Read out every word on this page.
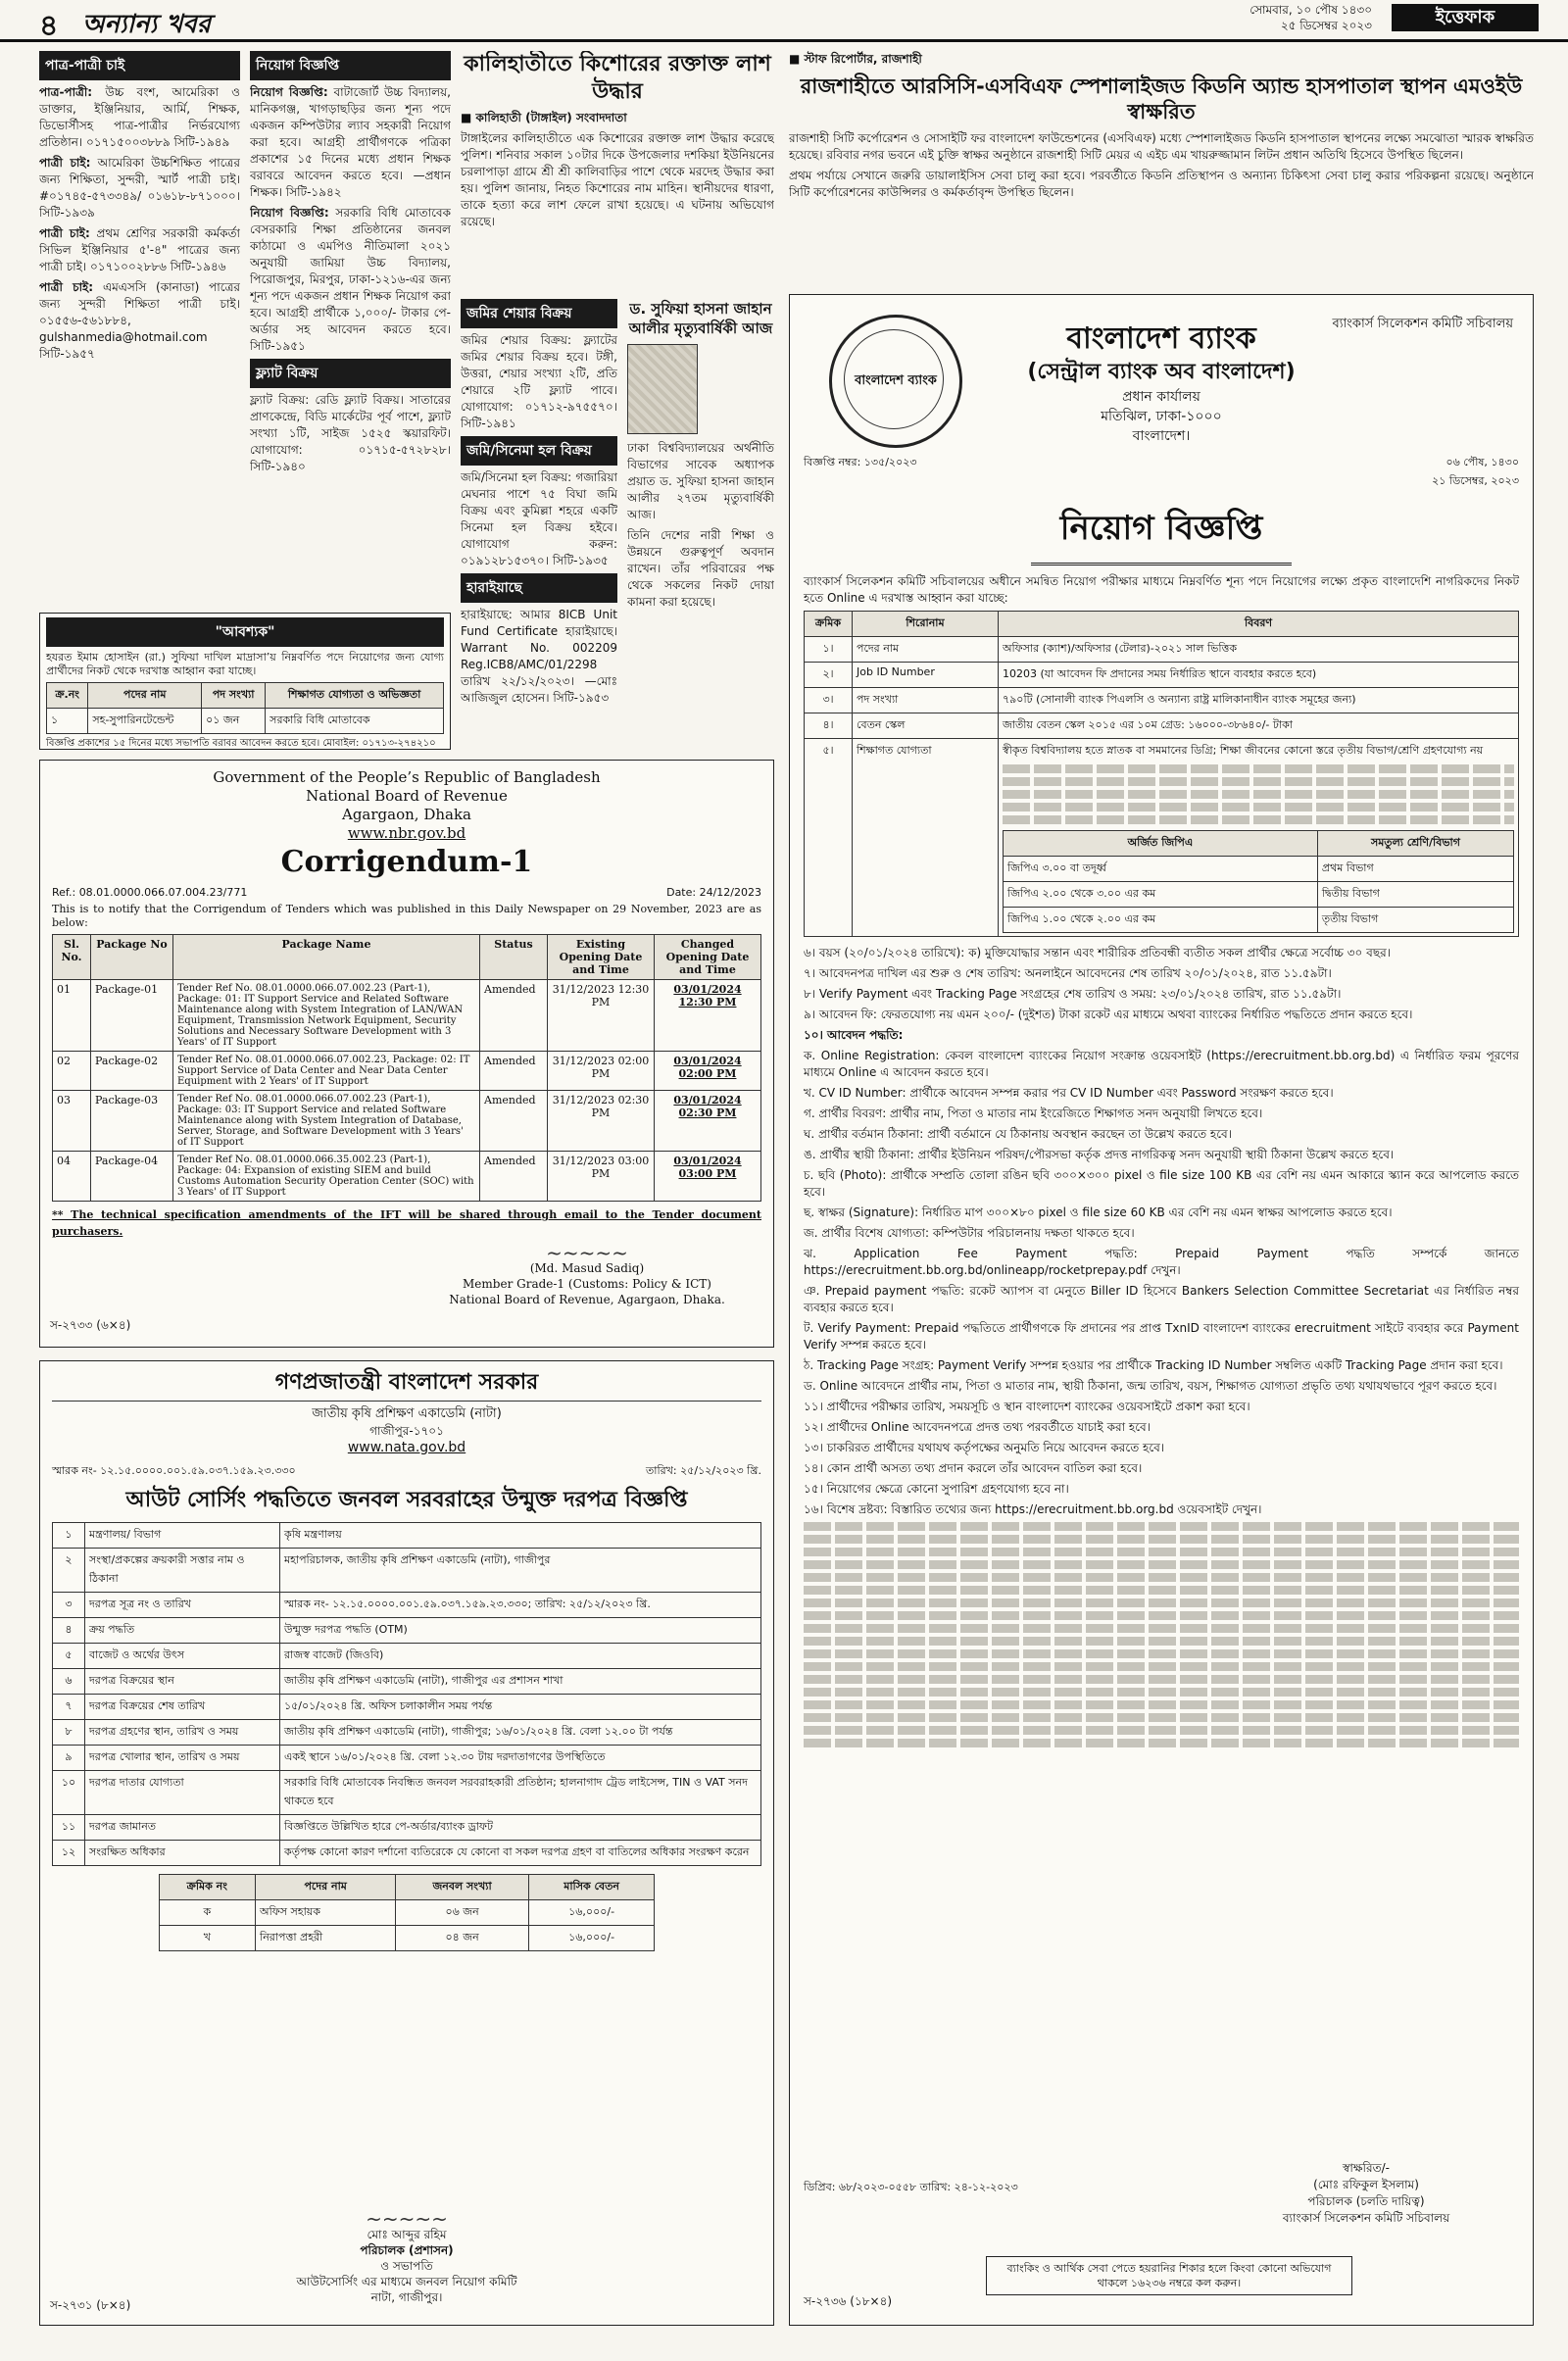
৪ অন্যান্য খবর	সোমবার, ১০ পৌষ ১৪৩০
২৫ ডিসেম্বর ২০২৩	ইত্তেফাক
পাত্র-পাত্রী চাই

পাত্র-পাত্রী: উচ্চ বংশ, আমেরিকা ও ডাক্তার, ইঞ্জিনিয়ার, আর্মি, শিক্ষক, ডিভোর্সীসহ পাত্র-পাত্রীর নির্ভরযোগ্য প্রতিষ্ঠান। ০১৭১৫০০৩৮৮৯ সিটি-১৯৪৯

পাত্রী চাই: আমেরিকা উচ্চশিক্ষিত পাত্রের জন্য শিক্ষিতা, সুন্দরী, স্মার্ট পাত্রী চাই। #০১৭৪৫-৫৭৩৩৪৯/ ০১৬১৮-৮৭১০০০। সিটি-১৯৩৯

পাত্রী চাই: প্রথম শ্রেণির সরকারী কর্মকর্তা সিভিল ইঞ্জিনিয়ার ৫'-৪" পাত্রের জন্য পাত্রী চাই। ০১৭১০০২৮৮৬ সিটি-১৯৪৬

পাত্রী চাই: এমএসসি (কানাডা) পাত্রের জন্য সুন্দরী শিক্ষিতা পাত্রী চাই। ০১৫৫৬-৫৬১৮৮৪, gulshanmedia@hotmail.com সিটি-১৯৫৭

নিয়োগ বিজ্ঞপ্তি

নিয়োগ বিজ্ঞপ্তি: বাটাজোর্ট উচ্চ বিদ্যালয়, মানিকগঞ্জ, খাগড়াছড়ির জন্য শূন্য পদে একজন কম্পিউটার ল্যাব সহকারী নিয়োগ করা হবে। আগ্রহী প্রার্থীগণকে পত্রিকা প্রকাশের ১৫ দিনের মধ্যে প্রধান শিক্ষক বরাবরে আবেদন করতে হবে। —প্রধান শিক্ষক। সিটি-১৯৪২

নিয়োগ বিজ্ঞপ্তি: সরকারি বিধি মোতাবেক বেসরকারি শিক্ষা প্রতিষ্ঠানের জনবল কাঠামো ও এমপিও নীতিমালা ২০২১ অনুযায়ী জামিয়া উচ্চ বিদ্যালয়, পিরোজপুর, মিরপুর, ঢাকা-১২১৬-এর জন্য শূন্য পদে একজন প্রধান শিক্ষক নিয়োগ করা হবে। আগ্রহী প্রার্থীকে ১,০০০/- টাকার পে-অর্ডার সহ আবেদন করতে হবে। সিটি-১৯৫১

ফ্ল্যাট বিক্রয়

ফ্ল্যাট বিক্রয়: রেডি ফ্ল্যাট বিক্রয়। সাতারের প্রাণকেন্দ্রে, বিডি মার্কেটের পূর্ব পাশে, ফ্ল্যাট সংখ্যা ১টি, সাইজ ১৫২৫ স্কয়ারফিট। যোগাযোগ: ০১৭১৫-৫৭২৮২৮। সিটি-১৯৪০

"আবশ্যক"

হযরত ইমাম হোসাইন (রা.) সুফিয়া দাখিল মাদ্রাসা’য় নিম্নবর্ণিত পদে নিয়োগের জন্য যোগ্য প্রার্থীদের নিকট থেকে দরখাস্ত আহ্বান করা যাচ্ছে।

ক্র.নং	পদের নাম	পদ সংখ্যা	শিক্ষাগত যোগ্যতা ও অভিজ্ঞতা
১	সহ-সুপারিনটেন্ডেন্ট	০১ জন	সরকারি বিধি মোতাবেক

বিজ্ঞপ্তি প্রকাশের ১৫ দিনের মধ্যে সভাপতি বরাবর আবেদন করতে হবে। মোবাইল: ০১৭১৩-২৭৪২১০

কালিহাতীতে কিশোরের রক্তাক্ত লাশ উদ্ধার

■ কালিহাতী (টাঙ্গাইল) সংবাদদাতা

টাঙ্গাইলের কালিহাতীতে এক কিশোরের রক্তাক্ত লাশ উদ্ধার করেছে পুলিশ। শনিবার সকাল ১০টার দিকে উপজেলার দশকিয়া ইউনিয়নের চরলাপাড়া গ্রামে শ্রী শ্রী কালিবাড়ির পাশে থেকে মরদেহ উদ্ধার করা হয়। পুলিশ জানায়, নিহত কিশোরের নাম মাহিন। স্থানীয়দের ধারণা, তাকে হত্যা করে লাশ ফেলে রাখা হয়েছে। এ ঘটনায় অভিযোগ রয়েছে।

জমির শেয়ার বিক্রয়

জমির শেয়ার বিক্রয়: ফ্ল্যাটের জমির শেয়ার বিক্রয় হবে। টঙ্গী, উত্তরা, শেয়ার সংখ্যা ২টি, প্রতি শেয়ারে ২টি ফ্ল্যাট পাবে। যোগাযোগ: ০১৭১২-৯৭৫৫৭০। সিটি-১৯৪১

জমি/সিনেমা হল বিক্রয়

জমি/সিনেমা হল বিক্রয়: গজারিয়া মেঘনার পাশে ৭৫ বিঘা জমি বিক্রয় এবং কুমিল্লা শহরে একটি সিনেমা হল বিক্রয় হইবে। যোগাযোগ করুন: ০১৯১২৮১৫৩৭০। সিটি-১৯৩৫

হারাইয়াছে

হারাইয়াছে: আমার 8ICB Unit Fund Certificate হারাইয়াছে। Warrant No. 002209 Reg.ICB8/AMC/01/2298 তারিখ ২২/১২/২০২৩। —মোঃ আজিজুল হোসেন। সিটি-১৯৫৩

ড. সুফিয়া হাসনা জাহান আলীর মৃত্যুবার্ষিকী আজ

ঢাকা বিশ্ববিদ্যালয়ের অর্থনীতি বিভাগের সাবেক অধ্যাপক প্রয়াত ড. সুফিয়া হাসনা জাহান আলীর ২৭তম মৃত্যুবার্ষিকী আজ।

তিনি দেশের নারী শিক্ষা ও উন্নয়নে গুরুত্বপূর্ণ অবদান রাখেন। তাঁর পরিবারের পক্ষ থেকে সকলের নিকট দোয়া কামনা করা হয়েছে।

■ স্টাফ রিপোর্টার, রাজশাহী

রাজশাহীতে আরসিসি-এসবিএফ স্পেশালাইজড কিডনি অ্যান্ড হাসপাতাল স্থাপন এমওইউ স্বাক্ষরিত

রাজশাহী সিটি কর্পোরেশন ও সোসাইটি ফর বাংলাদেশ ফাউন্ডেশনের (এসবিএফ) মধ্যে স্পেশালাইজড কিডনি হাসপাতাল স্থাপনের লক্ষ্যে সমঝোতা স্মারক স্বাক্ষরিত হয়েছে। রবিবার নগর ভবনে এই চুক্তি স্বাক্ষর অনুষ্ঠানে রাজশাহী সিটি মেয়র এ এইচ এম খায়রুজ্জামান লিটন প্রধান অতিথি হিসেবে উপস্থিত ছিলেন।

প্রথম পর্যায়ে সেখানে জরুরি ডায়ালাইসিস সেবা চালু করা হবে। পরবর্তীতে কিডনি প্রতিস্থাপন ও অন্যান্য চিকিৎসা সেবা চালু করার পরিকল্পনা রয়েছে। অনুষ্ঠানে সিটি কর্পোরেশনের কাউন্সিলর ও কর্মকর্তাবৃন্দ উপস্থিত ছিলেন।

Government of the People’s Republic of Bangladesh
National Board of Revenue
Agargaon, Dhaka
www.nbr.gov.bd
Corrigendum-1
Ref.: 08.01.0000.066.07.004.23/771	Date: 24/12/2023

This is to notify that the Corrigendum of Tenders which was published in this Daily Newspaper on 29 November, 2023 are as below:

Sl. No.	Package No	Package Name	Status	Existing Opening Date and Time	Changed Opening Date and Time
01	Package-01	Tender Ref No. 08.01.0000.066.07.002.23 (Part-1), Package: 01: IT Support Service and Related Software Maintenance along with System Integration of LAN/WAN Equipment, Transmission Network Equipment, Security Solutions and Necessary Software Development with 3 Years' of IT Support	Amended	31/12/2023 12:30 PM	03/01/2024 12:30 PM
02	Package-02	Tender Ref No. 08.01.0000.066.07.002.23, Package: 02: IT Support Service of Data Center and Near Data Center Equipment with 2 Years' of IT Support	Amended	31/12/2023 02:00 PM	03/01/2024 02:00 PM
03	Package-03	Tender Ref No. 08.01.0000.066.07.002.23 (Part-1), Package: 03: IT Support Service and related Software Maintenance along with System Integration of Database, Server, Storage, and Software Development with 3 Years' of IT Support	Amended	31/12/2023 02:30 PM	03/01/2024 02:30 PM
04	Package-04	Tender Ref No. 08.01.0000.066.35.002.23 (Part-1), Package: 04: Expansion of existing SIEM and build Customs Automation Security Operation Center (SOC) with 3 Years' of IT Support	Amended	31/12/2023 03:00 PM	03/01/2024 03:00 PM

** The technical specification amendments of the IFT will be shared through email to the Tender document purchasers.

~~~~~
(Md. Masud Sadiq)
Member Grade-1 (Customs: Policy & ICT)
National Board of Revenue, Agargaon, Dhaka.
স-২৭৩৩ (৬×৪)
গণপ্রজাতন্ত্রী বাংলাদেশ সরকার
জাতীয় কৃষি প্রশিক্ষণ একাডেমি (নাটা)
গাজীপুর-১৭০১
www.nata.gov.bd
স্মারক নং- ১২.১৫.০০০০.০০১.৫৯.০৩৭.১৫৯.২৩.৩৩০	তারিখ: ২৫/১২/২০২৩ খ্রি.
আউট সোর্সিং পদ্ধতিতে জনবল সরবরাহের উন্মুক্ত দরপত্র বিজ্ঞপ্তি
১	মন্ত্রণালয়/ বিভাগ	কৃষি মন্ত্রণালয়
২	সংস্থা/প্রকল্পের ক্রয়কারী সত্তার নাম ও ঠিকানা	মহাপরিচালক, জাতীয় কৃষি প্রশিক্ষণ একাডেমি (নাটা), গাজীপুর
৩	দরপত্র সূত্র নং ও তারিখ	স্মারক নং- ১২.১৫.০০০০.০০১.৫৯.০৩৭.১৫৯.২৩.৩৩০; তারিখ: ২৫/১২/২০২৩ খ্রি.
৪	ক্রয় পদ্ধতি	উন্মুক্ত দরপত্র পদ্ধতি (OTM)
৫	বাজেট ও অর্থের উৎস	রাজস্ব বাজেট (জিওবি)
৬	দরপত্র বিক্রয়ের স্থান	জাতীয় কৃষি প্রশিক্ষণ একাডেমি (নাটা), গাজীপুর এর প্রশাসন শাখা
৭	দরপত্র বিক্রয়ের শেষ তারিখ	১৫/০১/২০২৪ খ্রি. অফিস চলাকালীন সময় পর্যন্ত
৮	দরপত্র গ্রহণের স্থান, তারিখ ও সময়	জাতীয় কৃষি প্রশিক্ষণ একাডেমি (নাটা), গাজীপুর; ১৬/০১/২০২৪ খ্রি. বেলা ১২.০০ টা পর্যন্ত
৯	দরপত্র খোলার স্থান, তারিখ ও সময়	একই স্থানে ১৬/০১/২০২৪ খ্রি. বেলা ১২.৩০ টায় দরদাতাগণের উপস্থিতিতে
১০	দরপত্র দাতার যোগ্যতা	সরকারি বিধি মোতাবেক নিবন্ধিত জনবল সরবরাহকারী প্রতিষ্ঠান; হালনাগাদ ট্রেড লাইসেন্স, TIN ও VAT সনদ থাকতে হবে
১১	দরপত্র জামানত	বিজ্ঞপ্তিতে উল্লিখিত হারে পে-অর্ডার/ব্যাংক ড্রাফট
১২	সংরক্ষিত অধিকার	কর্তৃপক্ষ কোনো কারণ দর্শানো ব্যতিরেকে যে কোনো বা সকল দরপত্র গ্রহণ বা বাতিলের অধিকার সংরক্ষণ করেন
ক্রমিক নং	পদের নাম	জনবল সংখ্যা	মাসিক বেতন
ক	অফিস সহায়ক	০৬ জন	১৬,০০০/-
খ	নিরাপত্তা প্রহরী	০৪ জন	১৬,০০০/-
~~~~~
মোঃ আব্দুর রহিম
পরিচালক (প্রশাসন)
ও সভাপতি
আউটসোর্সিং এর মাধ্যমে জনবল নিয়োগ কমিটি
নাটা, গাজীপুর।
স-২৭৩১ (৮×৪)
বাংলাদেশ ব্যাংক
ব্যাংকার্স সিলেকশন কমিটি সচিবালয়
বাংলাদেশ ব্যাংক
(সেন্ট্রাল ব্যাংক অব বাংলাদেশ)
প্রধান কার্যালয়
মতিঝিল, ঢাকা-১০০০
বাংলাদেশ।
বিজ্ঞপ্তি নম্বর: ১৩৫/২০২৩	০৬ পৌষ, ১৪৩০
২১ ডিসেম্বর, ২০২৩
নিয়োগ বিজ্ঞপ্তি

ব্যাংকার্স সিলেকশন কমিটি সচিবালয়ের অধীনে সমন্বিত নিয়োগ পরীক্ষার মাধ্যমে নিম্নবর্ণিত শূন্য পদে নিয়োগের লক্ষ্যে প্রকৃত বাংলাদেশি নাগরিকদের নিকট হতে Online এ দরখাস্ত আহ্বান করা যাচ্ছে:

ক্রমিক	শিরোনাম	বিবরণ
১।	পদের নাম	অফিসার (ক্যাশ)/অফিসার (টেলার)-২০২১ সাল ভিত্তিক
২।	Job ID Number	10203 (যা আবেদন ফি প্রদানের সময় নির্ধারিত স্থানে ব্যবহার করতে হবে)
৩।	পদ সংখ্যা	৭৯০টি (সোনালী ব্যাংক পিএলসি ও অন্যান্য রাষ্ট্র মালিকানাধীন ব্যাংক সমূহের জন্য)
৪।	বেতন স্কেল	জাতীয় বেতন স্কেল ২০১৫ এর ১০ম গ্রেড: ১৬০০০-৩৮৬৪০/- টাকা
৫।	শিক্ষাগত যোগ্যতা	স্বীকৃত বিশ্ববিদ্যালয় হতে স্নাতক বা সমমানের ডিগ্রি; শিক্ষা জীবনের কোনো স্তরে তৃতীয় বিভাগ/শ্রেণি গ্রহণযোগ্য নয়
অর্জিত জিপিএ	সমতুল্য শ্রেণি/বিভাগ
জিপিএ ৩.০০ বা তদূর্ধ্ব	প্রথম বিভাগ
জিপিএ ২.০০ থেকে ৩.০০ এর কম	দ্বিতীয় বিভাগ
জিপিএ ১.০০ থেকে ২.০০ এর কম	তৃতীয় বিভাগ

৬। বয়স (২০/০১/২০২৪ তারিখে): ক) মুক্তিযোদ্ধার সন্তান এবং শারীরিক প্রতিবন্ধী ব্যতীত সকল প্রার্থীর ক্ষেত্রে সর্বোচ্চ ৩০ বছর।

৭। আবেদনপত্র দাখিল এর শুরু ও শেষ তারিখ: অনলাইনে আবেদনের শেষ তারিখ ২০/০১/২০২৪, রাত ১১.৫৯টা।

৮। Verify Payment এবং Tracking Page সংগ্রহের শেষ তারিখ ও সময়: ২৩/০১/২০২৪ তারিখ, রাত ১১.৫৯টা।

৯। আবেদন ফি: ফেরতযোগ্য নয় এমন ২০০/- (দুইশত) টাকা রকেট এর মাধ্যমে অথবা ব্যাংকের নির্ধারিত পদ্ধতিতে প্রদান করতে হবে।

১০। আবেদন পদ্ধতি:

ক. Online Registration: কেবল বাংলাদেশ ব্যাংকের নিয়োগ সংক্রান্ত ওয়েবসাইট (https://erecruitment.bb.org.bd) এ নির্ধারিত ফরম পূরণের মাধ্যমে Online এ আবেদন করতে হবে।

খ. CV ID Number: প্রার্থীকে আবেদন সম্পন্ন করার পর CV ID Number এবং Password সংরক্ষণ করতে হবে।

গ. প্রার্থীর বিবরণ: প্রার্থীর নাম, পিতা ও মাতার নাম ইংরেজিতে শিক্ষাগত সনদ অনুযায়ী লিখতে হবে।

ঘ. প্রার্থীর বর্তমান ঠিকানা: প্রার্থী বর্তমানে যে ঠিকানায় অবস্থান করছেন তা উল্লেখ করতে হবে।

ঙ. প্রার্থীর স্থায়ী ঠিকানা: প্রার্থীর ইউনিয়ন পরিষদ/পৌরসভা কর্তৃক প্রদত্ত নাগরিকত্ব সনদ অনুযায়ী স্থায়ী ঠিকানা উল্লেখ করতে হবে।

চ. ছবি (Photo): প্রার্থীকে সম্প্রতি তোলা রঙিন ছবি ৩০০×৩০০ pixel ও file size 100 KB এর বেশি নয় এমন আকারে স্ক্যান করে আপলোড করতে হবে।

ছ. স্বাক্ষর (Signature): নির্ধারিত মাপ ৩০০×৮০ pixel ও file size 60 KB এর বেশি নয় এমন স্বাক্ষর আপলোড করতে হবে।

জ. প্রার্থীর বিশেষ যোগ্যতা: কম্পিউটার পরিচালনায় দক্ষতা থাকতে হবে।

ঝ. Application Fee Payment পদ্ধতি: Prepaid Payment পদ্ধতি সম্পর্কে জানতে https://erecruitment.bb.org.bd/onlineapp/rocketprepay.pdf দেখুন।

ঞ. Prepaid payment পদ্ধতি: রকেট অ্যাপস বা মেনুতে Biller ID হিসেবে Bankers Selection Committee Secretariat এর নির্ধারিত নম্বর ব্যবহার করতে হবে।

ট. Verify Payment: Prepaid পদ্ধতিতে প্রার্থীগণকে ফি প্রদানের পর প্রাপ্ত TxnID বাংলাদেশ ব্যাংকের erecruitment সাইটে ব্যবহার করে Payment Verify সম্পন্ন করতে হবে।

ঠ. Tracking Page সংগ্রহ: Payment Verify সম্পন্ন হওয়ার পর প্রার্থীকে Tracking ID Number সম্বলিত একটি Tracking Page প্রদান করা হবে।

ড. Online আবেদনে প্রার্থীর নাম, পিতা ও মাতার নাম, স্থায়ী ঠিকানা, জন্ম তারিখ, বয়স, শিক্ষাগত যোগ্যতা প্রভৃতি তথ্য যথাযথভাবে পূরণ করতে হবে।

১১। প্রার্থীদের পরীক্ষার তারিখ, সময়সূচি ও স্থান বাংলাদেশ ব্যাংকের ওয়েবসাইটে প্রকাশ করা হবে।

১২। প্রার্থীদের Online আবেদনপত্রে প্রদত্ত তথ্য পরবর্তীতে যাচাই করা হবে।

১৩। চাকরিরত প্রার্থীদের যথাযথ কর্তৃপক্ষের অনুমতি নিয়ে আবেদন করতে হবে।

১৪। কোন প্রার্থী অসত্য তথ্য প্রদান করলে তাঁর আবেদন বাতিল করা হবে।

১৫। নিয়োগের ক্ষেত্রে কোনো সুপারিশ গ্রহণযোগ্য হবে না।

১৬। বিশেষ দ্রষ্টব্য: বিস্তারিত তথ্যের জন্য https://erecruitment.bb.org.bd ওয়েবসাইট দেখুন।

ডিপ্রিব: ৬৮/২০২৩-০৫৫৮ তারিখ: ২৪-১২-২০২৩
স্বাক্ষরিত/-
(মোঃ রফিকুল ইসলাম)
পরিচালক (চলতি দায়িত্ব)
ব্যাংকার্স সিলেকশন কমিটি সচিবালয়
ব্যাংকিং ও আর্থিক সেবা পেতে হয়রানির শিকার হলে কিংবা কোনো অভিযোগ থাকলে ১৬২৩৬ নম্বরে কল করুন।
স-২৭৩৬ (১৮×৪)
